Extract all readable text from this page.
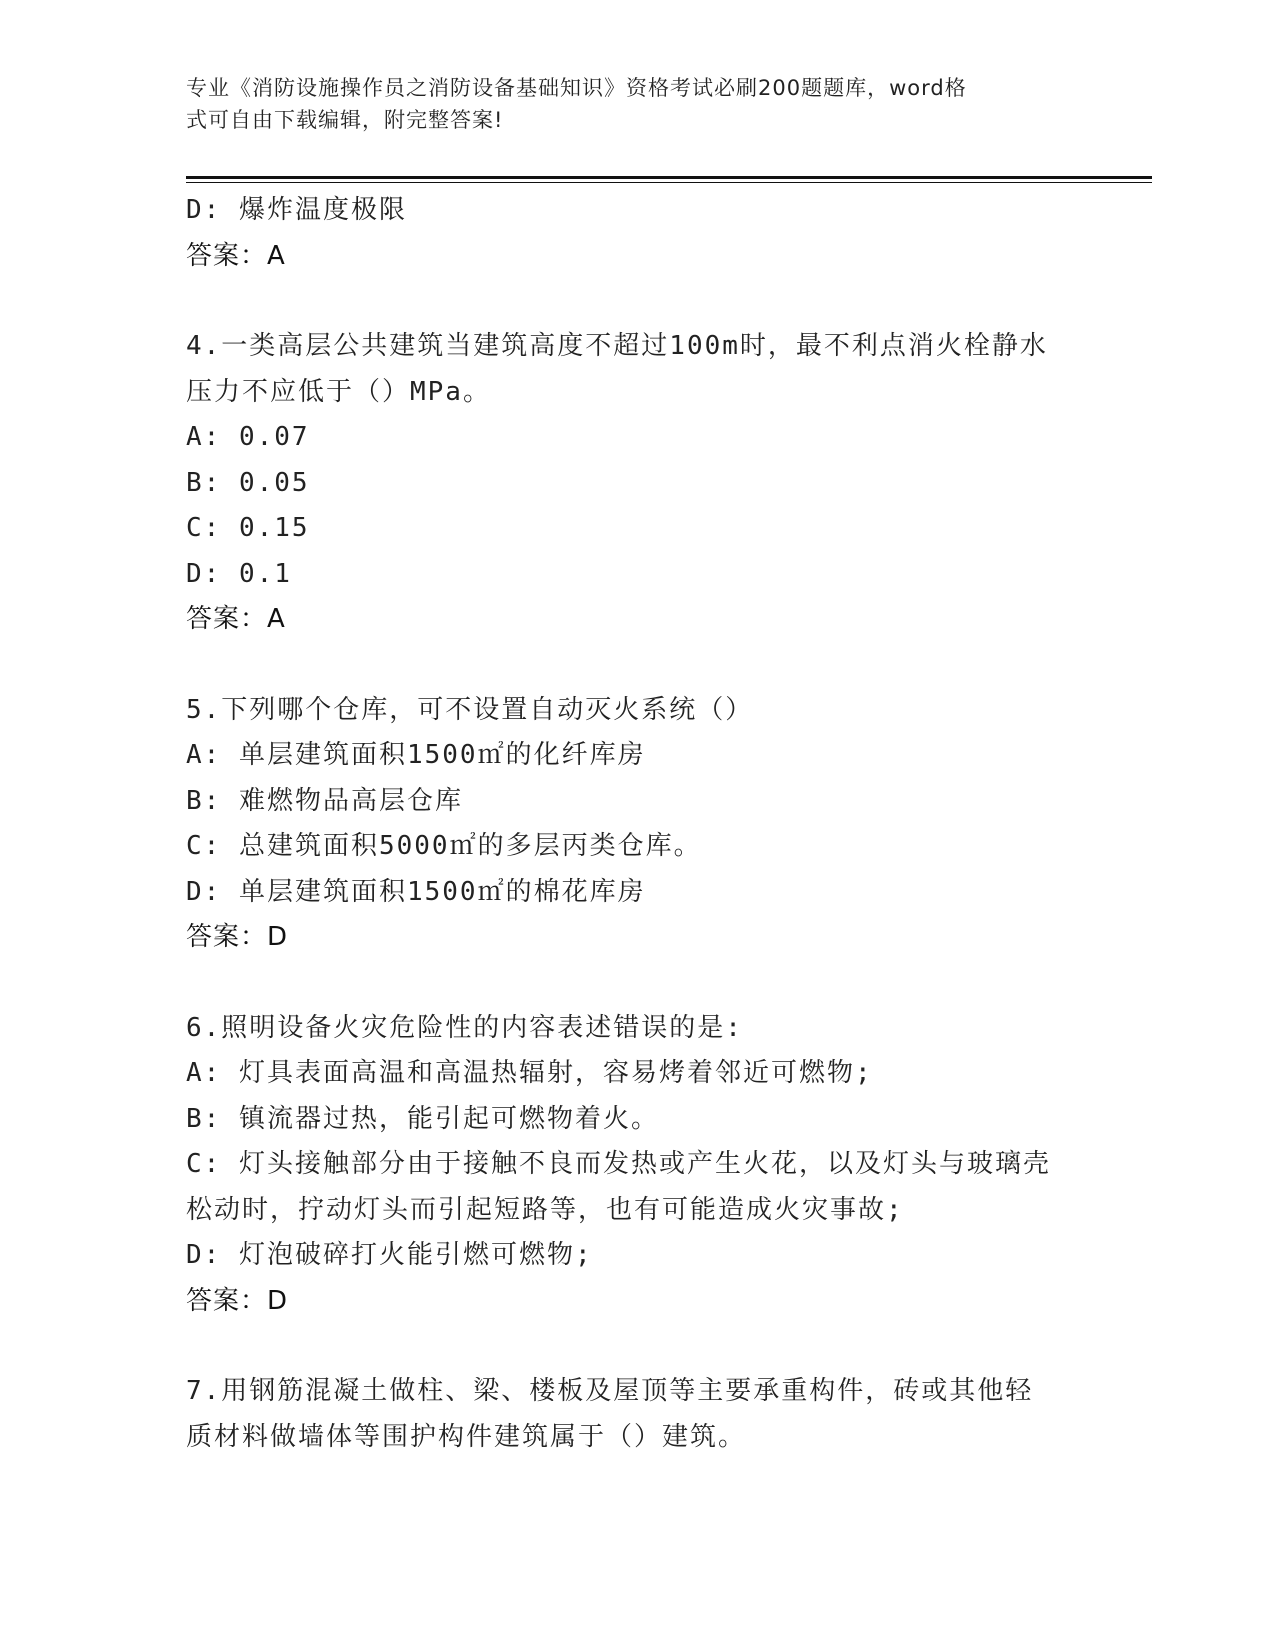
专业《消防设施操作员之消防设备基础知识》资格考试必刷200题题库，word格
式可自由下载编辑，附完整答案!
D: 爆炸温度极限
答案：A
4.一类高层公共建筑当建筑高度不超过100m时，最不利点消火栓静水
压力不应低于（）MPa。
A: 0.07
B: 0.05
C: 0.15
D: 0.1
答案：A
5.下列哪个仓库，可不设置自动灭火系统（）
A: 单层建筑面积1500㎡的化纤库房
B: 难燃物品高层仓库
C: 总建筑面积5000㎡的多层丙类仓库。
D: 单层建筑面积1500㎡的棉花库房
答案：D
6.照明设备火灾危险性的内容表述错误的是:
A: 灯具表面高温和高温热辐射，容易烤着邻近可燃物;
B: 镇流器过热，能引起可燃物着火。
C: 灯头接触部分由于接触不良而发热或产生火花，以及灯头与玻璃壳
松动时，拧动灯头而引起短路等，也有可能造成火灾事故;
D: 灯泡破碎打火能引燃可燃物;
答案：D
7.用钢筋混凝土做柱、梁、楼板及屋顶等主要承重构件，砖或其他轻
质材料做墙体等围护构件建筑属于（）建筑。
